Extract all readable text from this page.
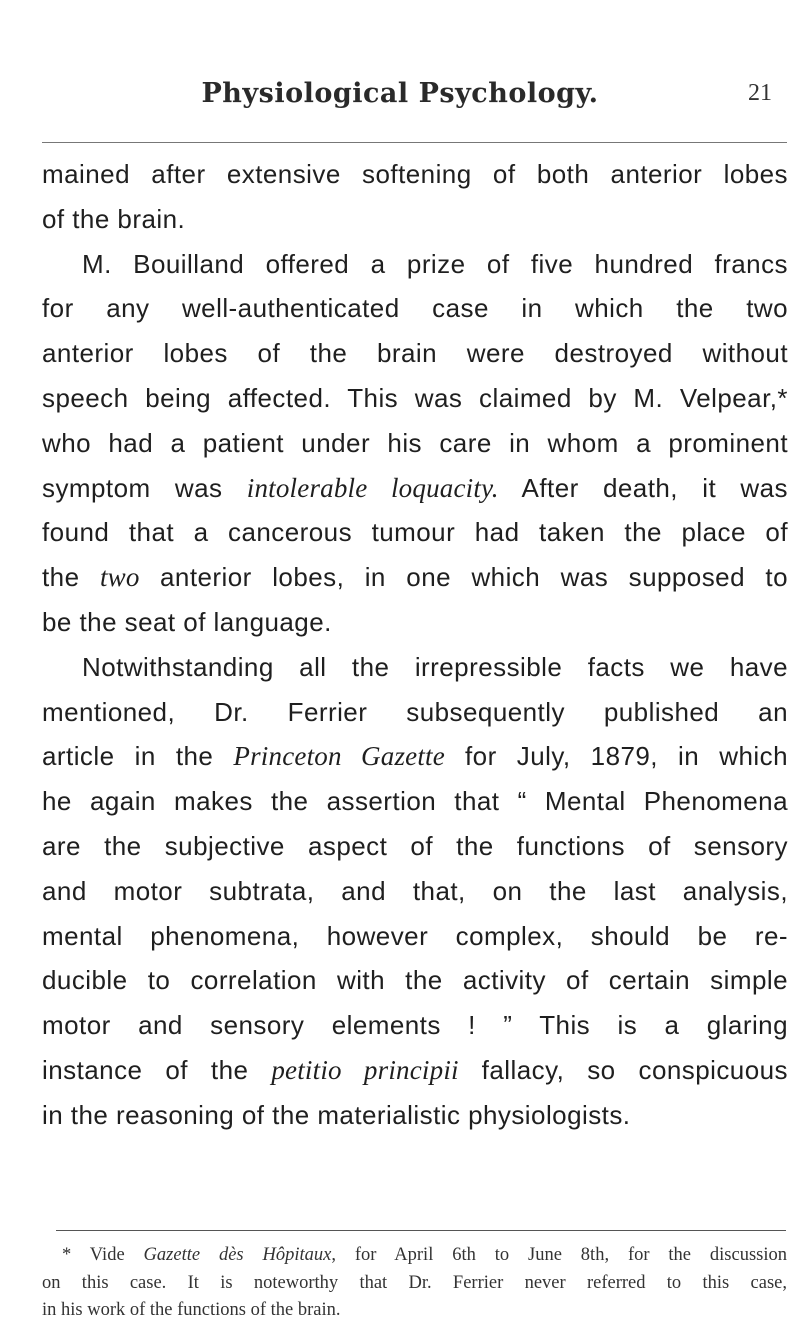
Physiological Psychology.	21
mained after extensive softening of both anterior lobes
of the brain.
M. Bouilland offered a prize of five hundred francs
for any well-authenticated case in which the two
anterior lobes of the brain were destroyed without
speech being affected. This was claimed by M. Velpear,*
who had a patient under his care in whom a prominent
symptom was intolerable loquacity. After death, it was
found that a cancerous tumour had taken the place of
the two anterior lobes, in one which was supposed to
be the seat of language.
Notwithstanding all the irrepressible facts we have
mentioned, Dr. Ferrier subsequently published an
article in the Princeton Gazette for July, 1879, in which
he again makes the assertion that “ Mental Phenomena
are the subjective aspect of the functions of sensory
and motor subtrata, and that, on the last analysis,
mental phenomena, however complex, should be re-
ducible to correlation with the activity of certain simple
motor and sensory elements ! ” This is a glaring
instance of the petitio principii fallacy, so conspicuous
in the reasoning of the materialistic physiologists.
* Vide Gazette dès Hôpitaux, for April 6th to June 8th, for the discussion
on this case. It is noteworthy that Dr. Ferrier never referred to this case,
in his work of the functions of the brain.
